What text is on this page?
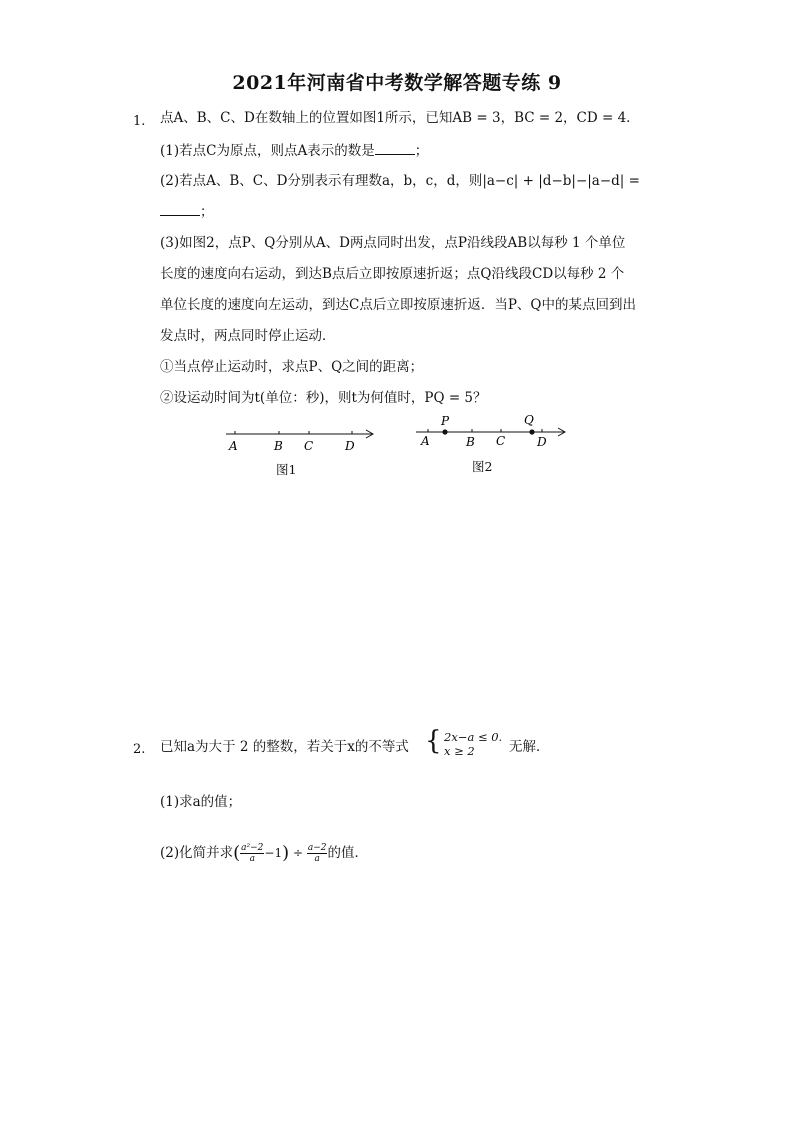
2021年河南省中考数学解答题专练 9
1. 点A、B、C、D在数轴上的位置如图1所示，已知AB = 3，BC = 2，CD = 4．
(1)若点C为原点，则点A表示的数是	；
(2)若点A、B、C、D分别表示有理数a，b，c，d，则|a−c| + |d−b|−|a−d| =
；
(3)如图2，点P、Q分别从A、D两点同时出发，点P沿线段AB以每秒 1 个单位
长度的速度向右运动，到达B点后立即按原速折返；点Q沿线段CD以每秒 2 个
单位长度的速度向左运动，到达C点后立即按原速折返．当P、Q中的某点回到出
发点时，两点同时停止运动．
①当点停止运动时，求点P、Q之间的距离；
②设运动时间为t(单位：秒)，则t为何值时，PQ = 5？
A	B C	D
图1
P	Q
A	B C	D
图2
2. 已知a为大于 2 的整数，若关于x的不等式 { 2x−a ≤ 0.
x ≥ 2	无解．
(1)求a的值；
(2)化简并求( $\frac{\text{a²−2}}{a} -1) \div \frac{a-2}{a}$ 的值．
